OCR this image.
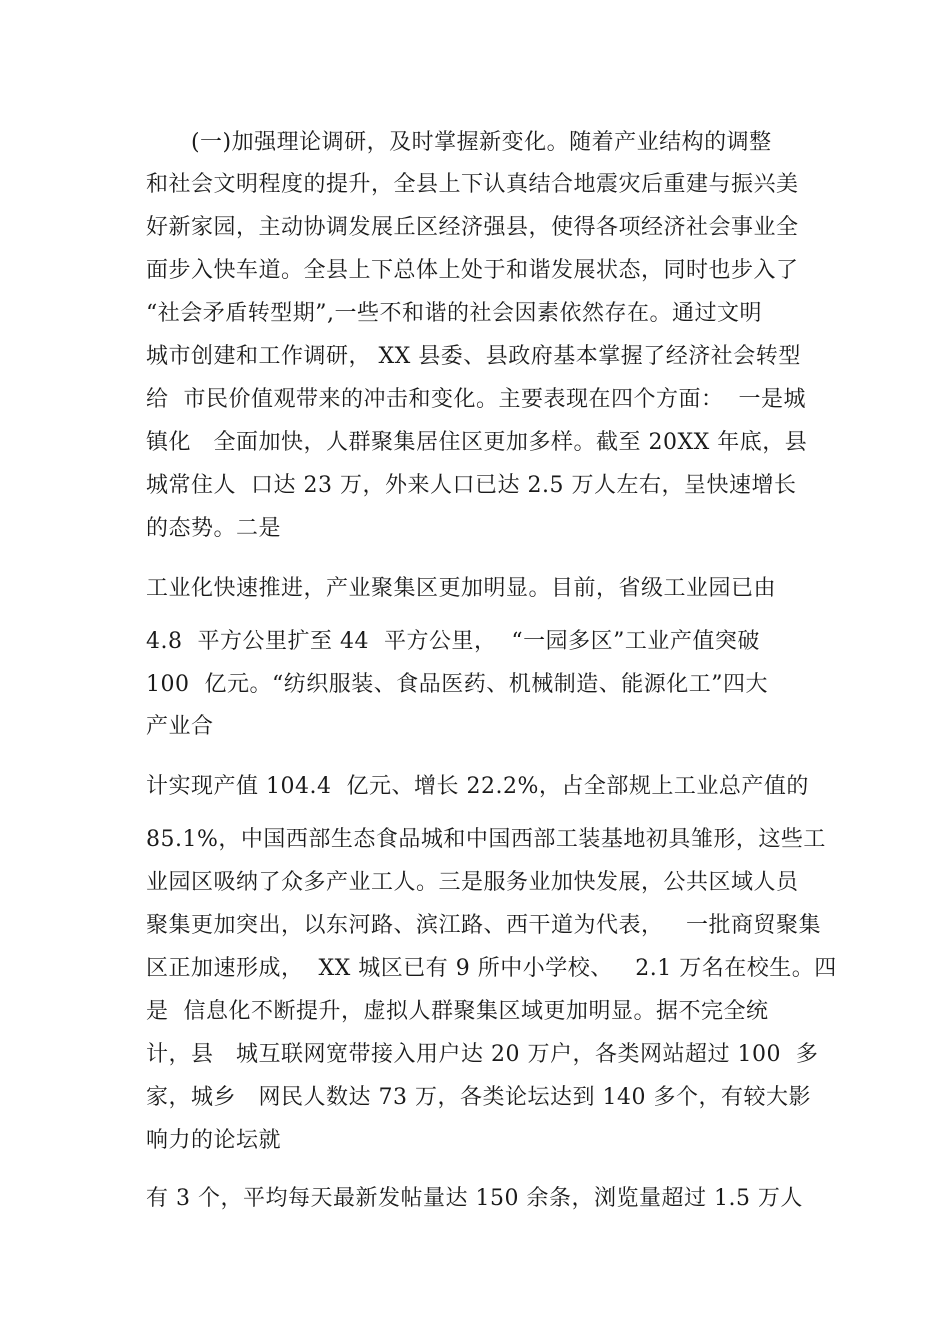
(一)加强理论调研，及时掌握新变化。随着产业结构的调整
和社会文明程度的提升，全县上下认真结合地震灾后重建与振兴美
好新家园，主动协调发展丘区经济强县，使得各项经济社会事业全
面步入快车道。全县上下总体上处于和谐发展状态，同时也步入了
“社会矛盾转型期”,一些不和谐的社会因素依然存在。通过文明
城市创建和工作调研， XX 县委、县政府基本掌握了经济社会转型
给  市民价值观带来的冲击和变化。主要表现在四个方面：  一是城
镇化   全面加快，人群聚集居住区更加多样。截至 20XX 年底，县
城常住人  口达 23 万，外来人口已达 2.5 万人左右，呈快速增长
的态势。二是
工业化快速推进，产业聚集区更加明显。目前，省级工业园已由
4.8  平方公里扩至 44  平方公里，  “一园多区”工业产值突破
100  亿元。“纺织服装、食品医药、机械制造、能源化工”四大
产业合
计实现产值 104.4  亿元、增长 22.2%，占全部规上工业总产值的
85.1%，中国西部生态食品城和中国西部工装基地初具雏形，这些工
业园区吸纳了众多产业工人。三是服务业加快发展，公共区域人员
聚集更加突出，以东河路、滨江路、西干道为代表，   一批商贸聚集
区正加速形成，  XX 城区已有 9 所中小学校、   2.1 万名在校生。四
是  信息化不断提升，虚拟人群聚集区域更加明显。据不完全统
计，县   城互联网宽带接入用户达 20 万户，各类网站超过 100  多
家，城乡   网民人数达 73 万，各类论坛达到 140 多个，有较大影
响力的论坛就
有 3 个，平均每天最新发帖量达 150 余条，浏览量超过 1.5 万人
